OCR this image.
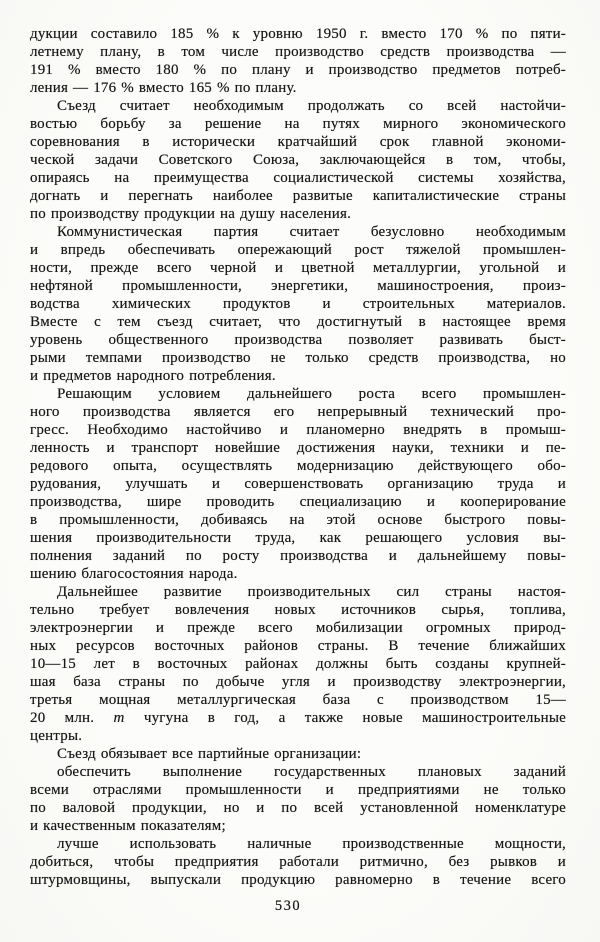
дукции составило 185 % к уровню 1950 г. вместо 170 % по пяти-
летнему плану, в том числе производство средств производства —
191 % вместо 180 % по плану и производство предметов потреб-
ления — 176 % вместо 165 % по плану.
Съезд считает необходимым продолжать со всей настойчи-
востью борьбу за решение на путях мирного экономического
соревнования в исторически кратчайший срок главной экономи-
ческой задачи Советского Союза, заключающейся в том, чтобы,
опираясь на преимущества социалистической системы хозяйства,
догнать и перегнать наиболее развитые капиталистические страны
по производству продукции на душу населения.
Коммунистическая партия считает безусловно необходимым
и впредь обеспечивать опережающий рост тяжелой промышлен-
ности, прежде всего черной и цветной металлургии, угольной и
нефтяной промышленности, энергетики, машиностроения, произ-
водства химических продуктов и строительных материалов.
Вместе с тем съезд считает, что достигнутый в настоящее время
уровень общественного производства позволяет развивать быст-
рыми темпами производство не только средств производства, но
и предметов народного потребления.
Решающим условием дальнейшего роста всего промышлен-
ного производства является его непрерывный технический про-
гресс. Необходимо настойчиво и планомерно внедрять в промыш-
ленность и транспорт новейшие достижения науки, техники и пе-
редового опыта, осуществлять модернизацию действующего обо-
рудования, улучшать и совершенствовать организацию труда и
производства, шире проводить специализацию и кооперирование
в промышленности, добиваясь на этой основе быстрого повы-
шения производительности труда, как решающего условия вы-
полнения заданий по росту производства и дальнейшему повы-
шению благосостояния народа.
Дальнейшее развитие производительных сил страны настоя-
тельно требует вовлечения новых источников сырья, топлива,
электроэнергии и прежде всего мобилизации огромных природ-
ных ресурсов восточных районов страны. В течение ближайших
10—15 лет в восточных районах должны быть созданы крупней-
шая база страны по добыче угля и производству электроэнергии,
третья мощная металлургическая база с производством 15—
20 млн. т чугуна в год, а также новые машиностроительные
центры.
Съезд обязывает все партийные организации:
обеспечить выполнение государственных плановых заданий
всеми отраслями промышленности и предприятиями не только
по валовой продукции, но и по всей установленной номенклатуре
и качественным показателям;
лучше использовать наличные производственные мощности,
добиться, чтобы предприятия работали ритмично, без рывков и
штурмовщины, выпускали продукцию равномерно в течение всего
530
